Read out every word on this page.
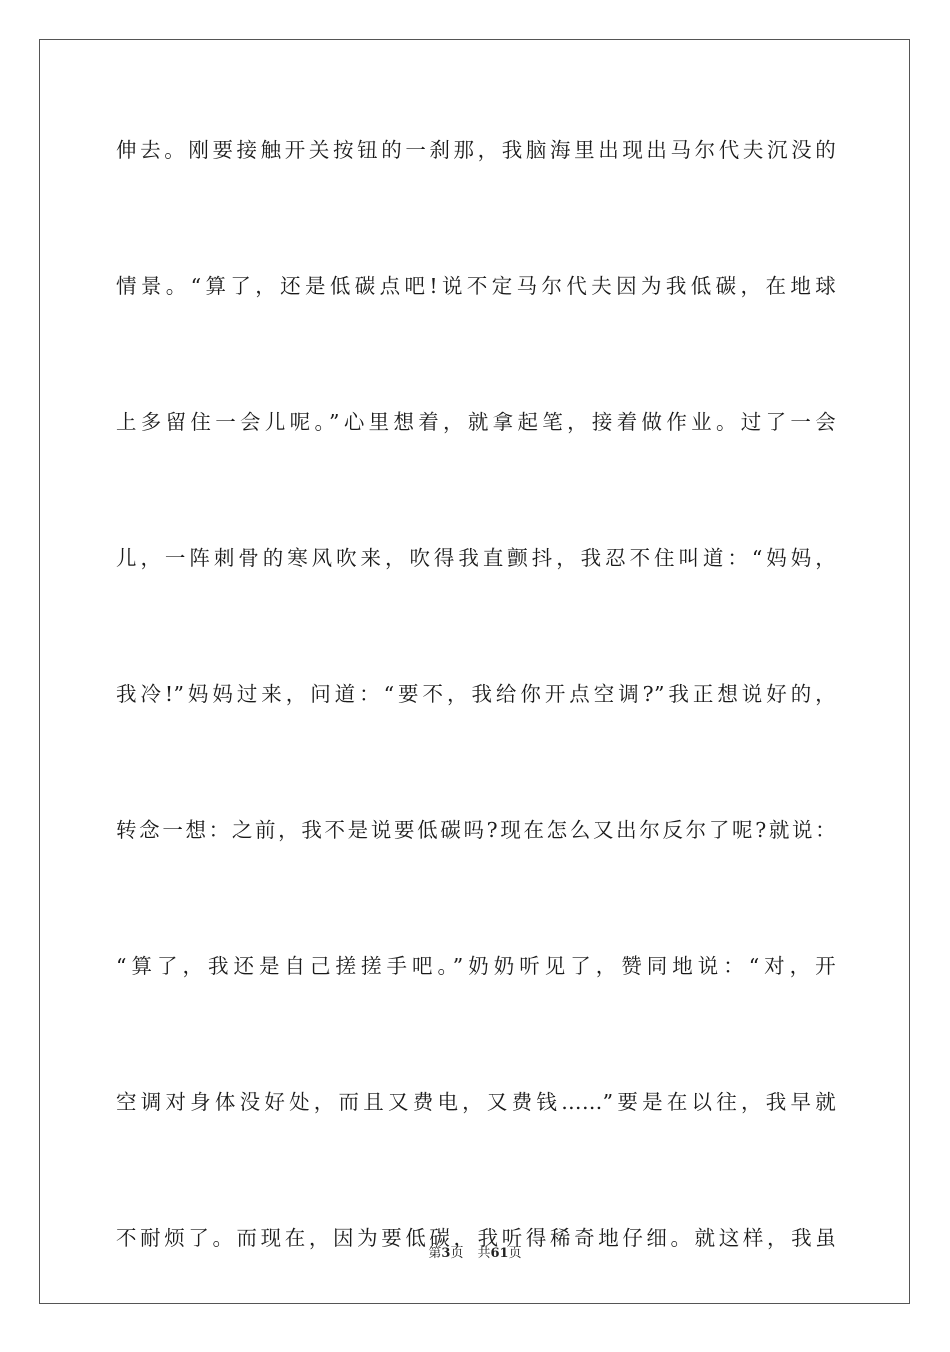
伸去。刚要接触开关按钮的一刹那，我脑海里出现出马尔代夫沉没的
情景。“算了，还是低碳点吧!说不定马尔代夫因为我低碳，在地球
上多留住一会儿呢。”心里想着，就拿起笔，接着做作业。过了一会
儿，一阵刺骨的寒风吹来，吹得我直颤抖，我忍不住叫道：“妈妈，
我冷!”妈妈过来，问道：“要不，我给你开点空调?”我正想说好的，
转念一想：之前，我不是说要低碳吗?现在怎么又出尔反尔了呢?就说：
“算了，我还是自己搓搓手吧。”奶奶听见了，赞同地说：“对，开
空调对身体没好处，而且又费电，又费钱……”要是在以往，我早就
不耐烦了。而现在，因为要低碳，我听得稀奇地仔细。就这样，我虽
第3页 共61页
